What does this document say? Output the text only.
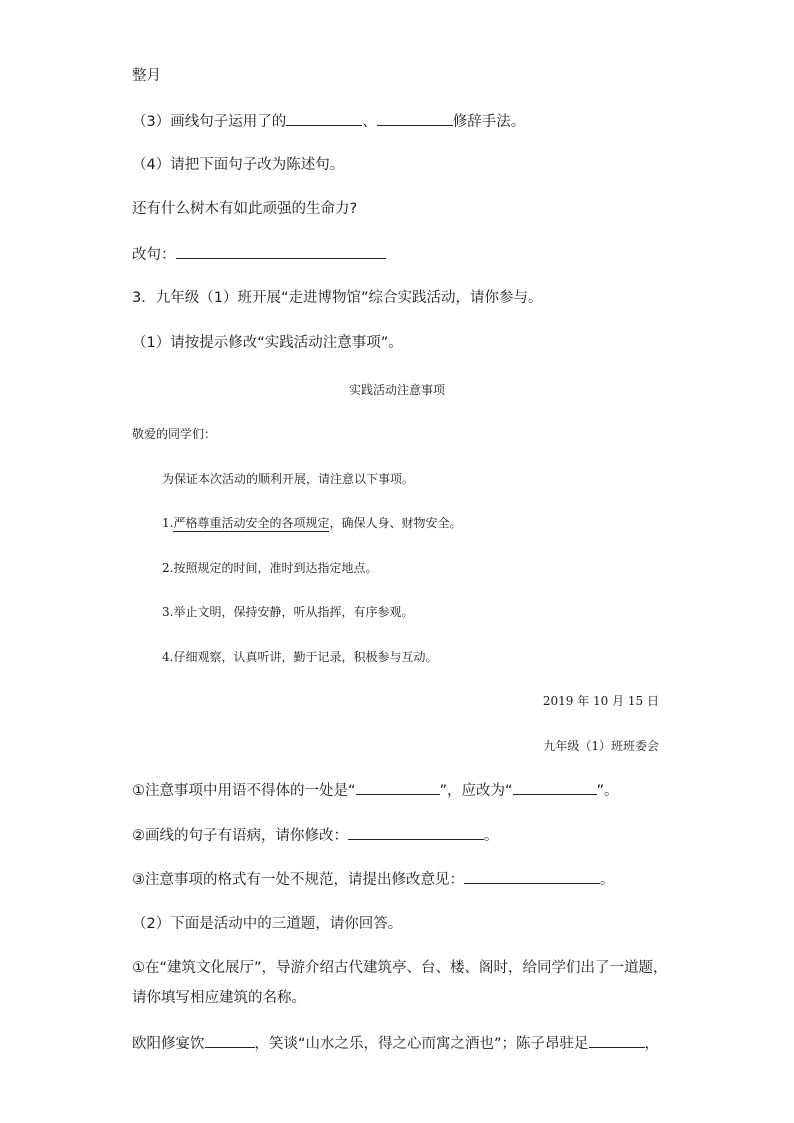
整月
（3）画线句子运用了的	、	修辞手法。
（4）请把下面句子改为陈述句。
还有什么树木有如此顽强的生命力?
改句：
3．九年级（1）班开展“走进博物馆”综合实践活动，请你参与。
（1）请按提示修改“实践活动注意事项”。
实践活动注意事项
敬爱的同学们：
为保证本次活动的顺利开展，请注意以下事项。
1.严格尊重活动安全的各项规定，确保人身、财物安全。
2.按照规定的时间，准时到达指定地点。
3.举止文明，保持安静，听从指挥，有序参观。
4.仔细观察，认真听讲，勤于记录，积极参与互动。
2019 年 10 月 15 日
九年级（1）班班委会
①注意事项中用语不得体的一处是“	”，应改为“	”。
②画线的句子有语病，请你修改：	。
③注意事项的格式有一处不规范，请提出修改意见：	。
（2）下面是活动中的三道题，请你回答。
①在“建筑文化展厅”，导游介绍古代建筑亭、台、楼、阁时，给同学们出了一道题，
请你填写相应建筑的名称。
欧阳修宴饮	，笑谈“山水之乐，得之心而寓之酒也”；陈子昂驻足	，
